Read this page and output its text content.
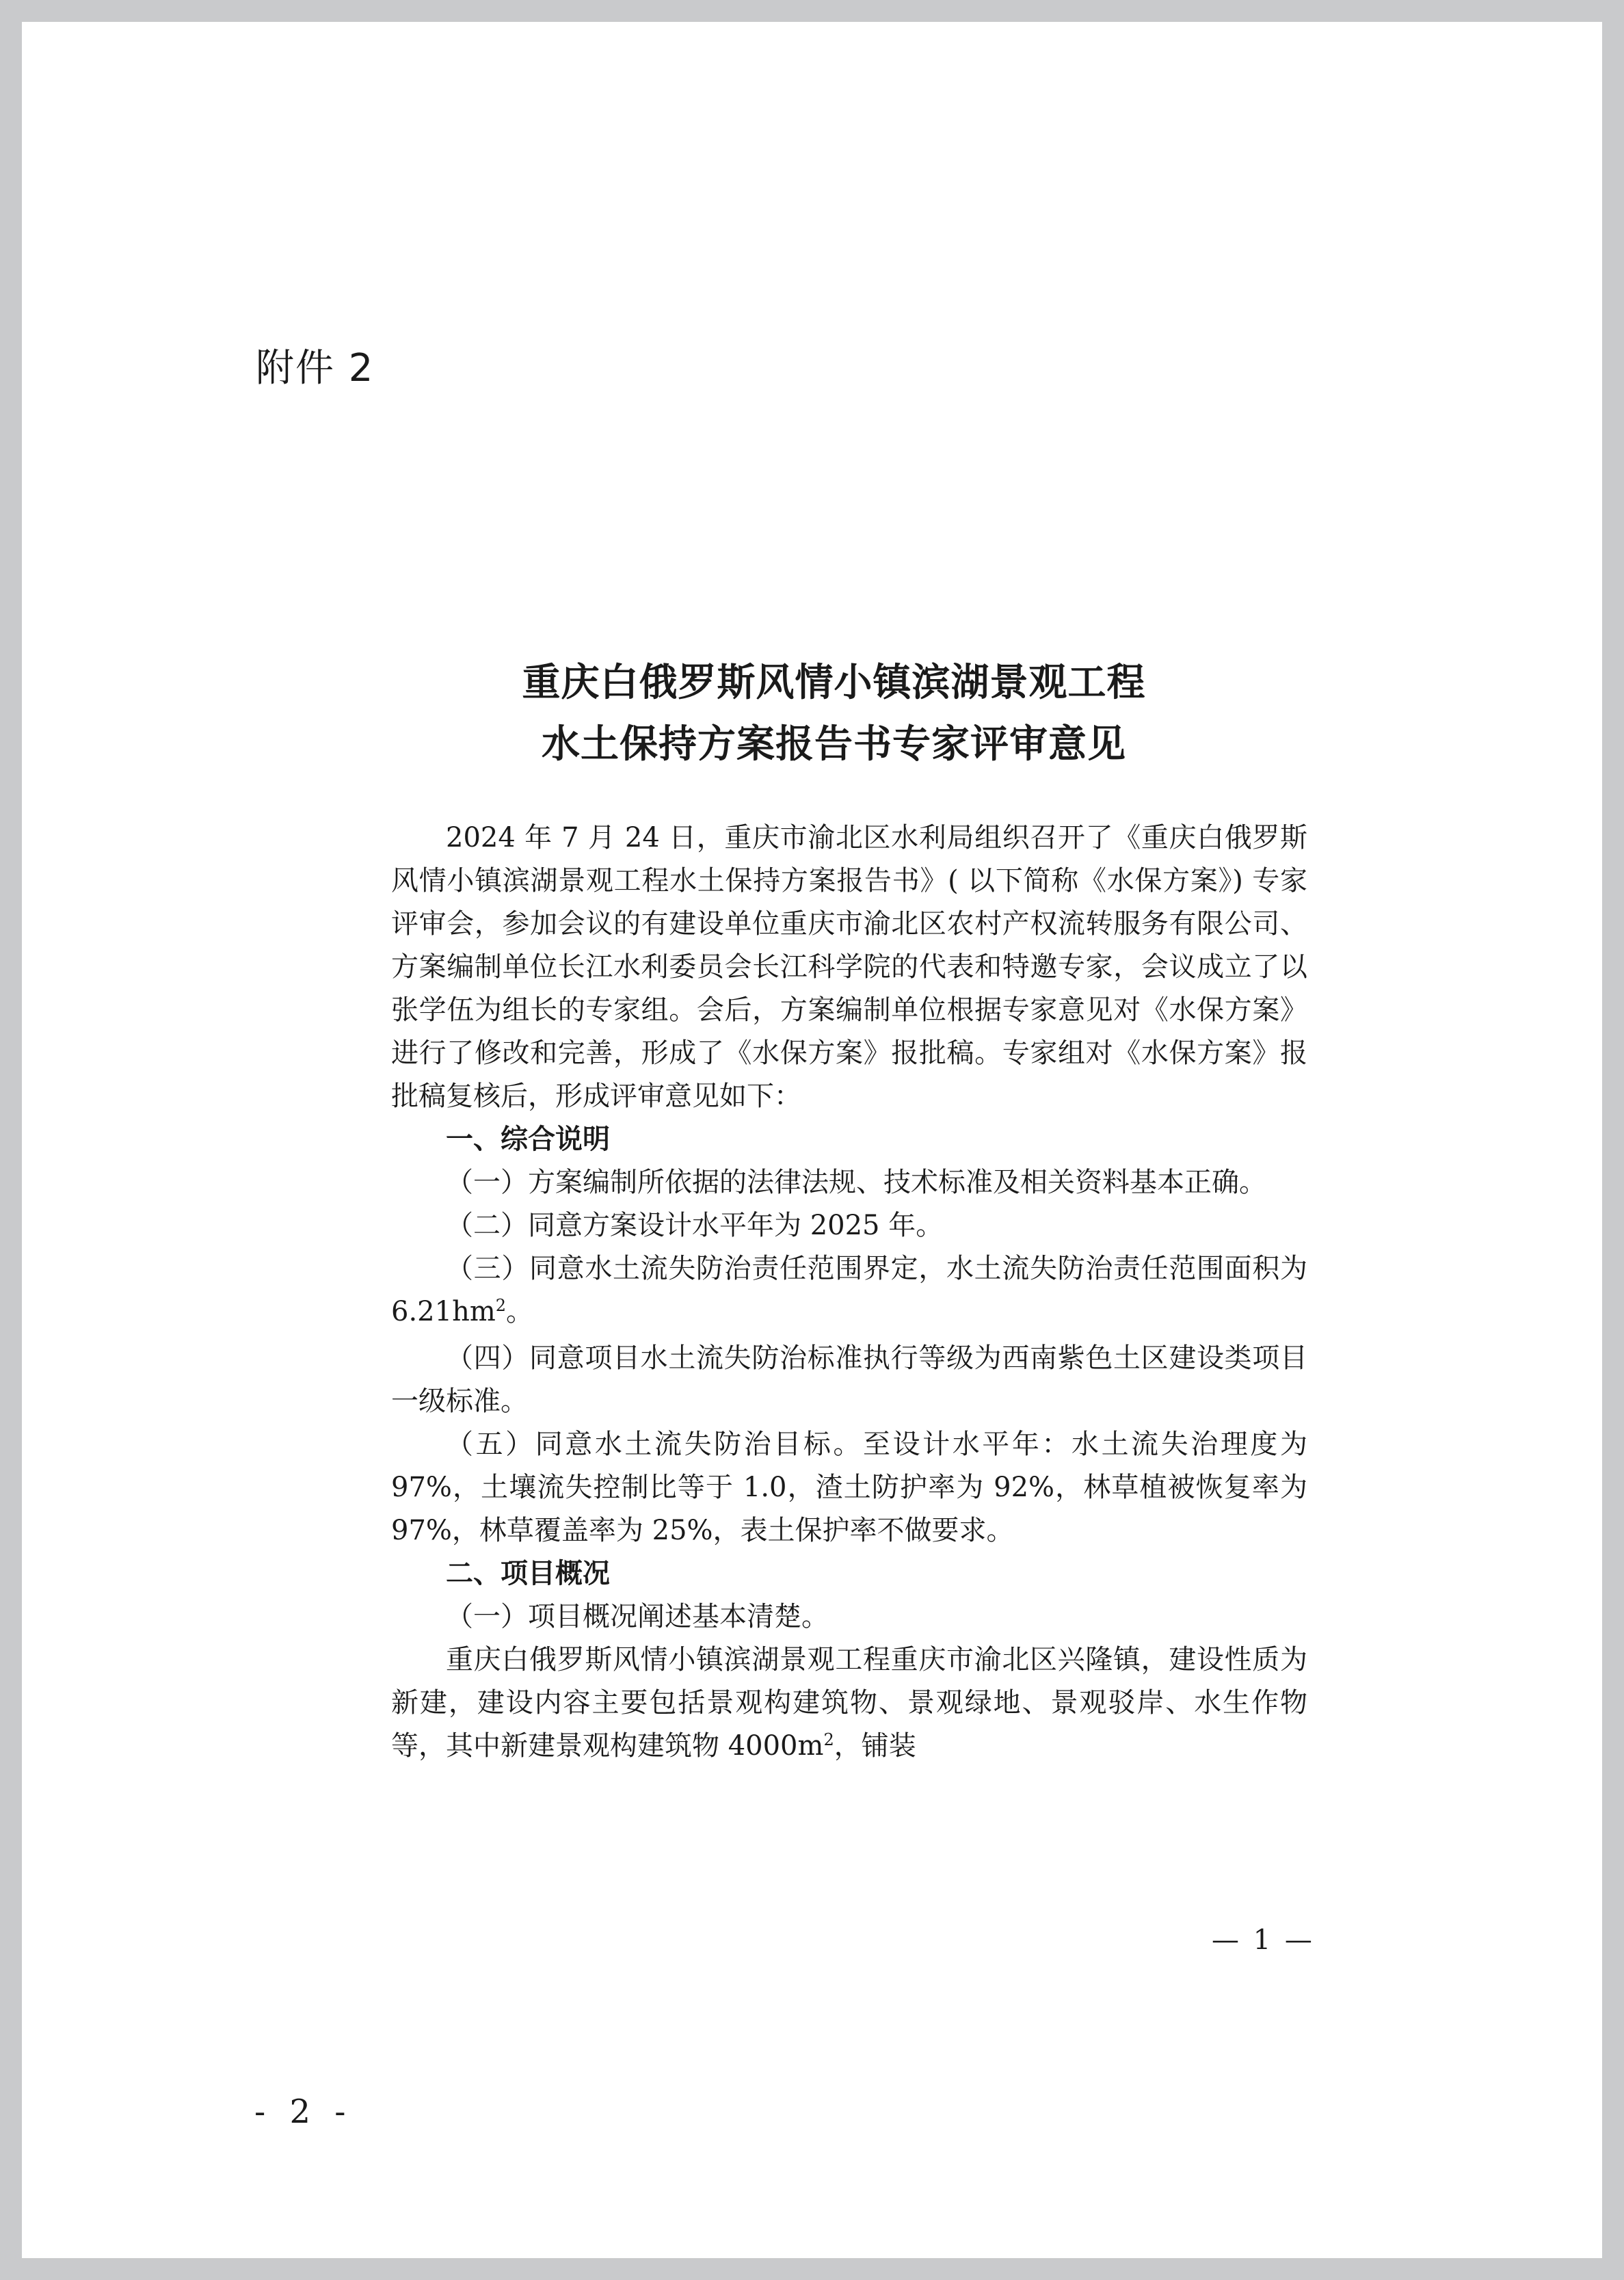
附件 2

重庆白俄罗斯风情小镇滨湖景观工程
水土保持方案报告书专家评审意见

2024 年 7 月 24 日，重庆市渝北区水利局组织召开了《重庆白俄罗斯风情小镇滨湖景观工程水土保持方案报告书》( 以下简称《水保方案》) 专家评审会，参加会议的有建设单位重庆市渝北区农村产权流转服务有限公司、方案编制单位长江水利委员会长江科学院的代表和特邀专家，会议成立了以张学伍为组长的专家组。会后，方案编制单位根据专家意见对《水保方案》进行了修改和完善，形成了《水保方案》报批稿。专家组对《水保方案》报批稿复核后，形成评审意见如下：

一、综合说明

（一）方案编制所依据的法律法规、技术标准及相关资料基本正确。

（二）同意方案设计水平年为 2025 年。

（三）同意水土流失防治责任范围界定，水土流失防治责任范围面积为 $6.21hm^2$。

（四）同意项目水土流失防治标准执行等级为西南紫色土区建设类项目一级标准。

（五）同意水土流失防治目标。至设计水平年：水土流失治理度为 97%，土壤流失控制比等于 1.0，渣土防护率为 92%，林草植被恢复率为 97%，林草覆盖率为 25%，表土保护率不做要求。

二、项目概况

（一）项目概况阐述基本清楚。

重庆白俄罗斯风情小镇滨湖景观工程重庆市渝北区兴隆镇，建设性质为新建，建设内容主要包括景观构建筑物、景观绿地、景观驳岸、水生作物等，其中新建景观构建筑物 $4000m^2$，铺装

— 1 —

- 2 -
